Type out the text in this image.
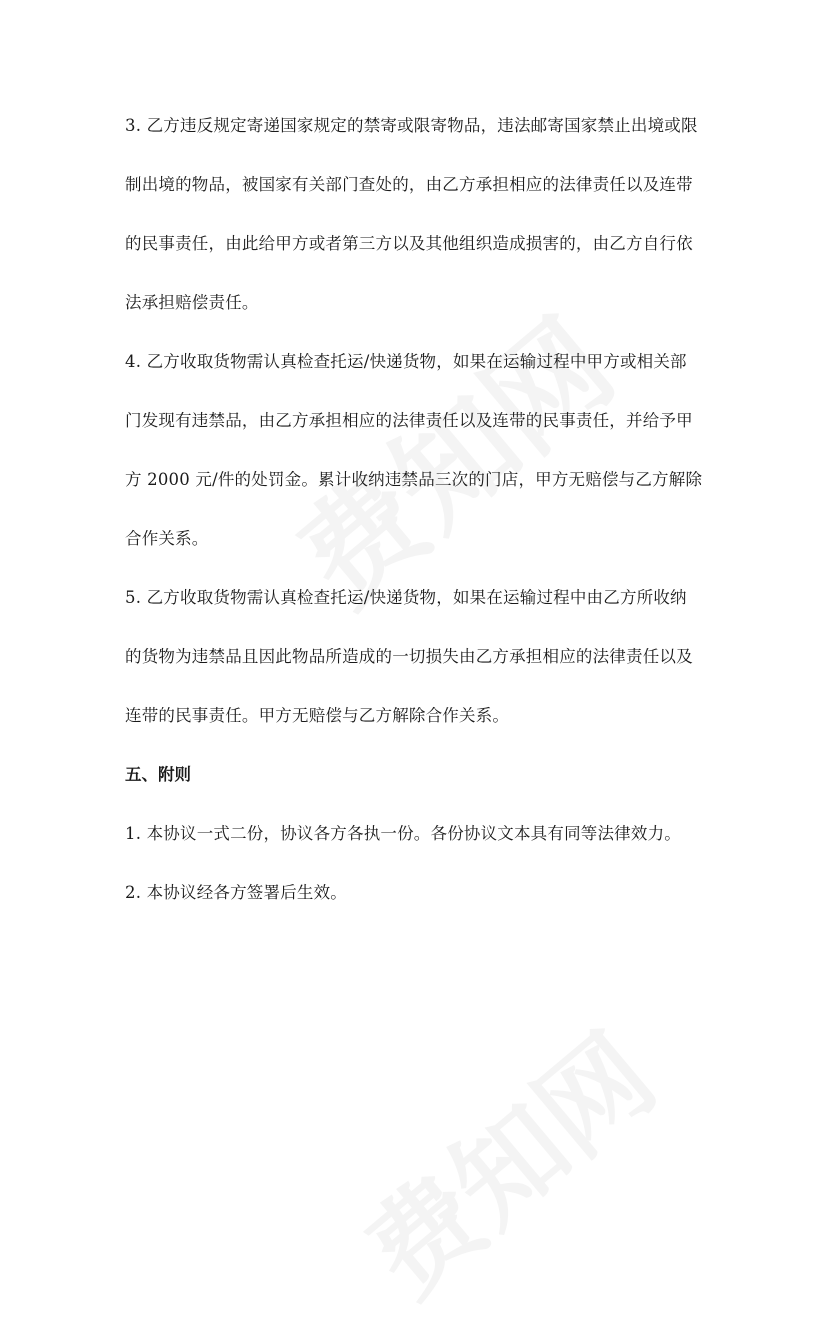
3. 乙方违反规定寄递国家规定的禁寄或限寄物品，违法邮寄国家禁止出境或限
制出境的物品，被国家有关部门查处的，由乙方承担相应的法律责任以及连带
的民事责任，由此给甲方或者第三方以及其他组织造成损害的，由乙方自行依
法承担赔偿责任。

4. 乙方收取货物需认真检查托运/快递货物，如果在运输过程中甲方或相关部
门发现有违禁品，由乙方承担相应的法律责任以及连带的民事责任，并给予甲
方 2000 元/件的处罚金。累计收纳违禁品三次的门店，甲方无赔偿与乙方解除
合作关系。

5. 乙方收取货物需认真检查托运/快递货物，如果在运输过程中由乙方所收纳
的货物为违禁品且因此物品所造成的一切损失由乙方承担相应的法律责任以及
连带的民事责任。甲方无赔偿与乙方解除合作关系。

五、附则

1. 本协议一式二份，协议各方各执一份。各份协议文本具有同等法律效力。

2. 本协议经各方签署后生效。
